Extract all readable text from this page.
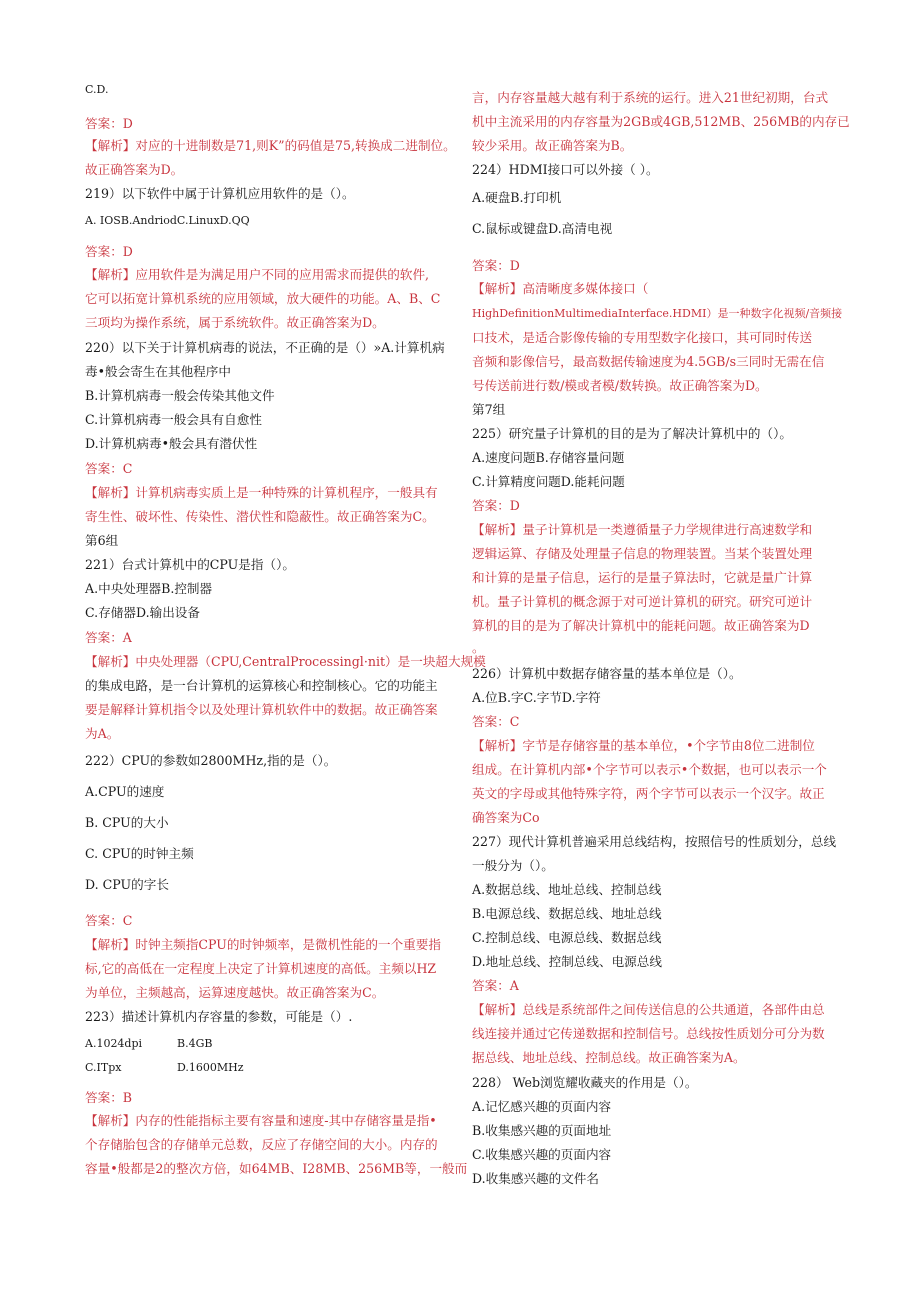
C.D.
答案：D
【解析】对应的十进制数是71,则K”的码值是75,转换成二进制位。
故正确答案为D。
219）以下软件中属于计算机应用软件的是（）。
A. IOSB.AndriodC.LinuxD.QQ
答案：D
【解析】应用软件是为满足用户不同的应用需求而提供的软件,
它可以拓宽计算机系统的应用领域，放大硬件的功能。A、B、C
三项均为操作系统，属于系统软件。故正确答案为D。
220）以下关于计算机病毒的说法，不正确的是（）»A.计算机病
毒•般会寄生在其他程序中
B.计算机病毒一般会传染其他文件
C.计算机病毒一般会具有自愈性
D.计算机病毒•般会具有潜伏性
答案：C
【解析】计算机病毒实质上是一种特殊的计算机程序，一般具有
寄生性、破坏性、传染性、潜伏性和隐蔽性。故正确答案为C。
第6组
221）台式计算机中的CPU是指（）。
A.中央处理器B.控制器
C.存储器D.输出设备
答案：A
【解析】中央处理器（CPU,CentralProcessingl·nit）是一块超大规模
的集成电路，是一台计算机的运算核心和控制核心。它的功能主
要是解释计算机指令以及处理计算机软件中的数据。故正确答案
为A。
222）CPU的参数如2800MHz,指的是（）。
A.CPU的速度
B. CPU的大小
C. CPU的时钟主频
D. CPU的字长
答案：C
【解析】时钟主频指CPU的时钟频率，是微机性能的一个重要指
标,它的高低在一定程度上决定了计算机速度的高低。主频以HZ
为单位，主频越高，运算速度越快。故正确答案为C。
223）描述计算机内存容量的参数，可能是（）.
A.1024dpi	B.4GB
C.ITpx	D.1600MHz
答案：B
【解析】内存的性能指标主要有容量和速度-其中存储容量是指•
个存储胎包含的存储单元总数，反应了存储空间的大小。内存的
容量•般都是2的整次方倍，如64MB、I28MB、256MB等，一般而
言，内存容量越大越有利于系统的运行。进入21世纪初期，台式
机中主流采用的内存容量为2GB或4GB,512MB、256MB的内存已
较少采用。故正确答案为B。
224）HDMI接口可以外接（ ）。
A.硬盘B.打印机
C.鼠标或键盘D.高清电视
答案：D
【解析】高清晰度多媒体接口（
HighDefinitionMultimediaInterface.HDMI）是一种数字化视频/音频接
口技术，是适合影像传输的专用型数字化接口，其可同时传送
音频和影像信号，最高数据传输速度为4.5GB∕s三同时无需在信
号传送前进行数/模或者模/数转换。故正确答案为D。
第7组
225）研究量子计算机的目的是为了解决计算机中的（）。
A.速度问题B.存储容量问题
C.计算精度问题D.能耗问题
答案：D
【解析】量子计算机是一类遵循量子力学规律进行高速数学和
逻辑运算、存储及处理量子信息的物理装置。当某个装置处理
和计算的是量子信息，运行的是量子算法时，它就是量广计算
机。量子计算机的概念源于对可逆计算机的研究。研究可逆计
算机的目的是为了解决计算机中的能耗问题。故正确答案为D
。
226）计算机中数据存储容量的基本单位是（）。
A.位B.字C.字节D.字符
答案：C
【解析】字节是存储容量的基本单位，•个字节由8位二进制位
组成。在计算机内部•个字节可以表示•个数据，也可以表示一个
英文的字母或其他特殊字符，两个字节可以表示一个汉字。故正
确答案为Co
227）现代计算机普遍采用总线结构，按照信号的性质划分，总线
一般分为（）。
A.数据总线、地址总线、控制总线
B.电源总线、数据总线、地址总线
C.控制总线、电源总线、数据总线
D.地址总线、控制总线、电源总线
答案：A
【解析】总线是系统部件之间传送信息的公共通道，各部件由总
线连接并通过它传递数据和控制信号。总线按性质划分可分为数
据总线、地址总线、控制总线。故正确答案为A。
228） Web浏览耀收藏夹的作用是（）。
A.记忆感兴趣的页面内容
B.收集感兴趣的页面地址
C.收集感兴趣的页面内容
D.收集感兴趣的文件名
